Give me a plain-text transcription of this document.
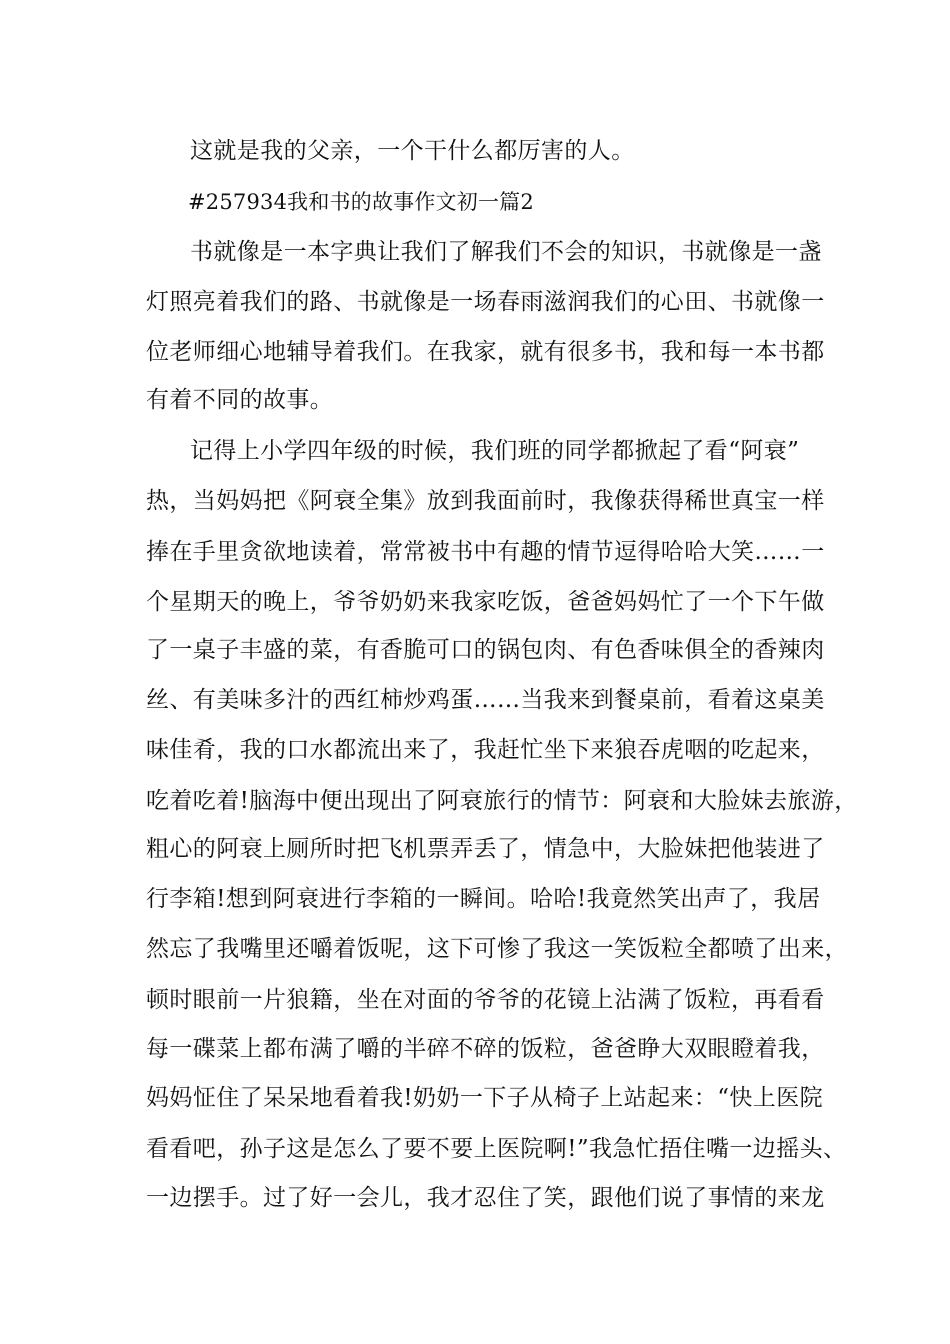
这就是我的父亲，一个干什么都厉害的人。
#257934我和书的故事作文初一篇2
书就像是一本字典让我们了解我们不会的知识，书就像是一盏
灯照亮着我们的路、书就像是一场春雨滋润我们的心田、书就像一
位老师细心地辅导着我们。在我家，就有很多书，我和每一本书都
有着不同的故事。
记得上小学四年级的时候，我们班的同学都掀起了看“阿衰”
热，当妈妈把《阿衰全集》放到我面前时，我像获得稀世真宝一样
捧在手里贪欲地读着，常常被书中有趣的情节逗得哈哈大笑……一
个星期天的晚上，爷爷奶奶来我家吃饭，爸爸妈妈忙了一个下午做
了一桌子丰盛的菜，有香脆可口的锅包肉、有色香味俱全的香辣肉
丝、有美味多汁的西红柿炒鸡蛋……当我来到餐桌前，看着这桌美
味佳肴，我的口水都流出来了，我赶忙坐下来狼吞虎咽的吃起来，
吃着吃着!脑海中便出现出了阿衰旅行的情节：阿衰和大脸妹去旅游，
粗心的阿衰上厕所时把飞机票弄丢了，情急中，大脸妹把他装进了
行李箱!想到阿衰进行李箱的一瞬间。哈哈!我竟然笑出声了，我居
然忘了我嘴里还嚼着饭呢，这下可惨了我这一笑饭粒全都喷了出来，
顿时眼前一片狼籍，坐在对面的爷爷的花镜上沾满了饭粒，再看看
每一碟菜上都布满了嚼的半碎不碎的饭粒，爸爸睁大双眼瞪着我，
妈妈怔住了呆呆地看着我!奶奶一下子从椅子上站起来：“快上医院
看看吧，孙子这是怎么了要不要上医院啊!”我急忙捂住嘴一边摇头、
一边摆手。过了好一会儿，我才忍住了笑，跟他们说了事情的来龙
